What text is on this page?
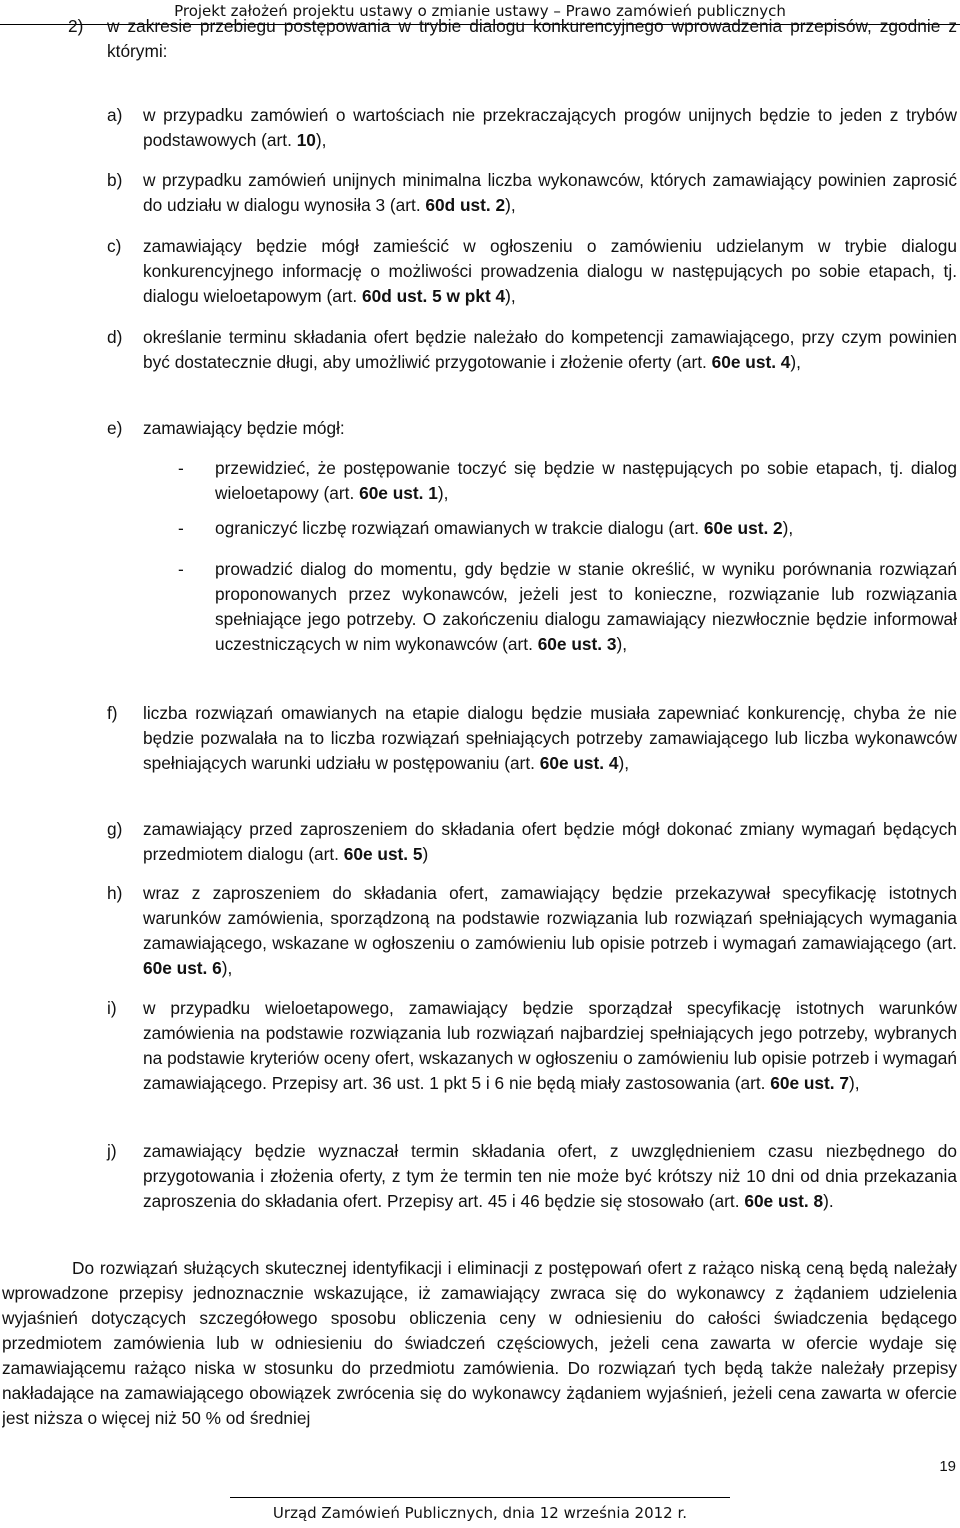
Projekt założeń projektu ustawy o zmianie ustawy – Prawo zamówień publicznych
2) w zakresie przebiegu postępowania w trybie dialogu konkurencyjnego wprowadzenia przepisów, zgodnie z którymi:
a) w przypadku zamówień o wartościach nie przekraczających progów unijnych będzie to jeden z trybów podstawowych (art. 10),
b) w przypadku zamówień unijnych minimalna liczba wykonawców, których zamawiający powinien zaprosić do udziału w dialogu wynosiła 3 (art. 60d ust. 2),
c) zamawiający będzie mógł zamieścić w ogłoszeniu o zamówieniu udzielanym w trybie dialogu konkurencyjnego informację o możliwości prowadzenia dialogu w następujących po sobie etapach, tj. dialogu wieloetapowym (art. 60d ust. 5 w pkt 4),
d) określanie terminu składania ofert będzie należało do kompetencji zamawiającego, przy czym powinien być dostatecznie długi, aby umożliwić przygotowanie i złożenie oferty (art. 60e ust. 4),
e) zamawiający będzie mógł:
- przewidzieć, że postępowanie toczyć się będzie w następujących po sobie etapach, tj. dialog wieloetapowy (art. 60e ust. 1),
- ograniczyć liczbę rozwiązań omawianych w trakcie dialogu (art. 60e ust. 2),
- prowadzić dialog do momentu, gdy będzie w stanie określić, w wyniku porównania rozwiązań proponowanych przez wykonawców, jeżeli jest to konieczne, rozwiązanie lub rozwiązania spełniające jego potrzeby. O zakończeniu dialogu zamawiający niezwłocznie będzie informował uczestniczących w nim wykonawców (art. 60e ust. 3),
f) liczba rozwiązań omawianych na etapie dialogu będzie musiała zapewniać konkurencję, chyba że nie będzie pozwalała na to liczba rozwiązań spełniających potrzeby zamawiającego lub liczba wykonawców spełniających warunki udziału w postępowaniu (art. 60e ust. 4),
g) zamawiający przed zaproszeniem do składania ofert będzie mógł dokonać zmiany wymagań będących przedmiotem dialogu (art. 60e ust. 5)
h) wraz z zaproszeniem do składania ofert, zamawiający będzie przekazywał specyfikację istotnych warunków zamówienia, sporządzoną na podstawie rozwiązania lub rozwiązań spełniających wymagania zamawiającego, wskazane w ogłoszeniu o zamówieniu lub opisie potrzeb i wymagań zamawiającego (art. 60e ust. 6),
i) w przypadku wieloetapowego, zamawiający będzie sporządzał specyfikację istotnych warunków zamówienia na podstawie rozwiązania lub rozwiązań najbardziej spełniających jego potrzeby, wybranych na podstawie kryteriów oceny ofert, wskazanych w ogłoszeniu o zamówieniu lub opisie potrzeb i wymagań zamawiającego. Przepisy art. 36 ust. 1 pkt 5 i 6 nie będą miały zastosowania (art. 60e ust. 7),
j) zamawiający będzie wyznaczał termin składania ofert, z uwzględnieniem czasu niezbędnego do przygotowania i złożenia oferty, z tym że termin ten nie może być krótszy niż 10 dni od dnia przekazania zaproszenia do składania ofert. Przepisy art. 45 i 46 będzie się stosowało (art. 60e ust. 8).
Do rozwiązań służących skutecznej identyfikacji i eliminacji z postępowań ofert z rażąco niską ceną będą należały wprowadzone przepisy jednoznacznie wskazujące, iż zamawiający zwraca się do wykonawcy z żądaniem udzielenia wyjaśnień dotyczących szczegółowego sposobu obliczenia ceny w odniesieniu do całości świadczenia będącego przedmiotem zamówienia lub w odniesieniu do świadczeń częściowych, jeżeli cena zawarta w ofercie wydaje się zamawiającemu rażąco niska w stosunku do przedmiotu zamówienia. Do rozwiązań tych będą także należały przepisy nakładające na zamawiającego obowiązek zwrócenia się do wykonawcy żądaniem wyjaśnień, jeżeli cena zawarta w ofercie jest niższa o więcej niż 50 % od średniej
19
Urząd Zamówień Publicznych, dnia 12 września 2012 r.
